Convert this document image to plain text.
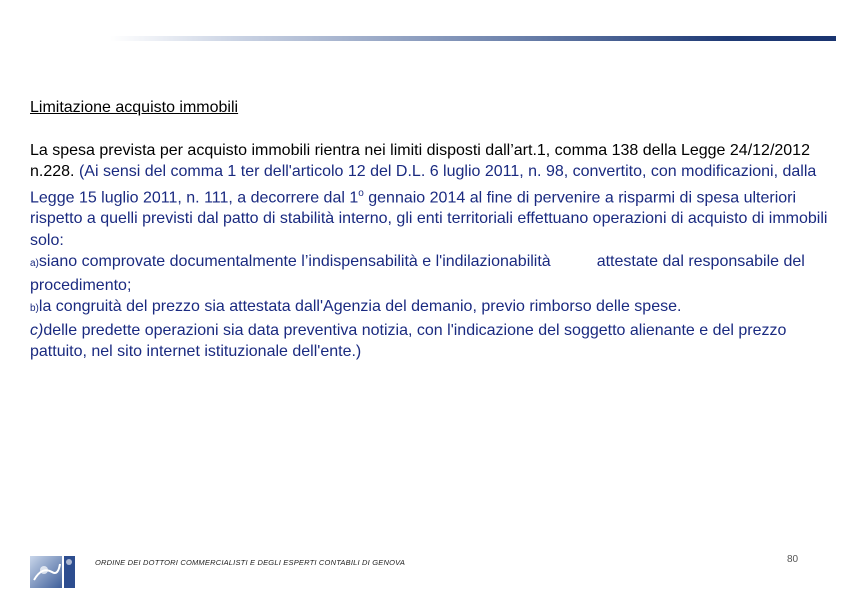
Limitazione acquisto immobili

La spesa prevista per acquisto immobili rientra nei limiti disposti dall’art.1, comma 138 della Legge 24/12/2012 n.228. (Ai sensi del comma 1 ter dell'articolo 12 del D.L. 6 luglio 2011, n. 98, convertito, con modificazioni, dalla Legge 15 luglio 2011, n. 111, a decorrere dal 1$^o$ gennaio 2014 al fine di pervenire a risparmi di spesa ulteriori rispetto a quelli previsti dal patto di stabilità interno, gli enti territoriali effettuano operazioni di acquisto di immobili solo:

a)siano comprovate documentalmente l’indispensabilità e l'indilazionabilità	attestate dal responsabile del procedimento;

b)la congruità del prezzo sia attestata dall'Agenzia del demanio, previo rimborso delle spese.

c)delle predette operazioni sia data preventiva notizia, con l'indicazione del soggetto alienante e del prezzo pattuito, nel sito internet istituzionale dell'ente.)

ORDINE DEI DOTTORI COMMERCIALISTI E DEGLI ESPERTI CONTABILI DI GENOVA	80
